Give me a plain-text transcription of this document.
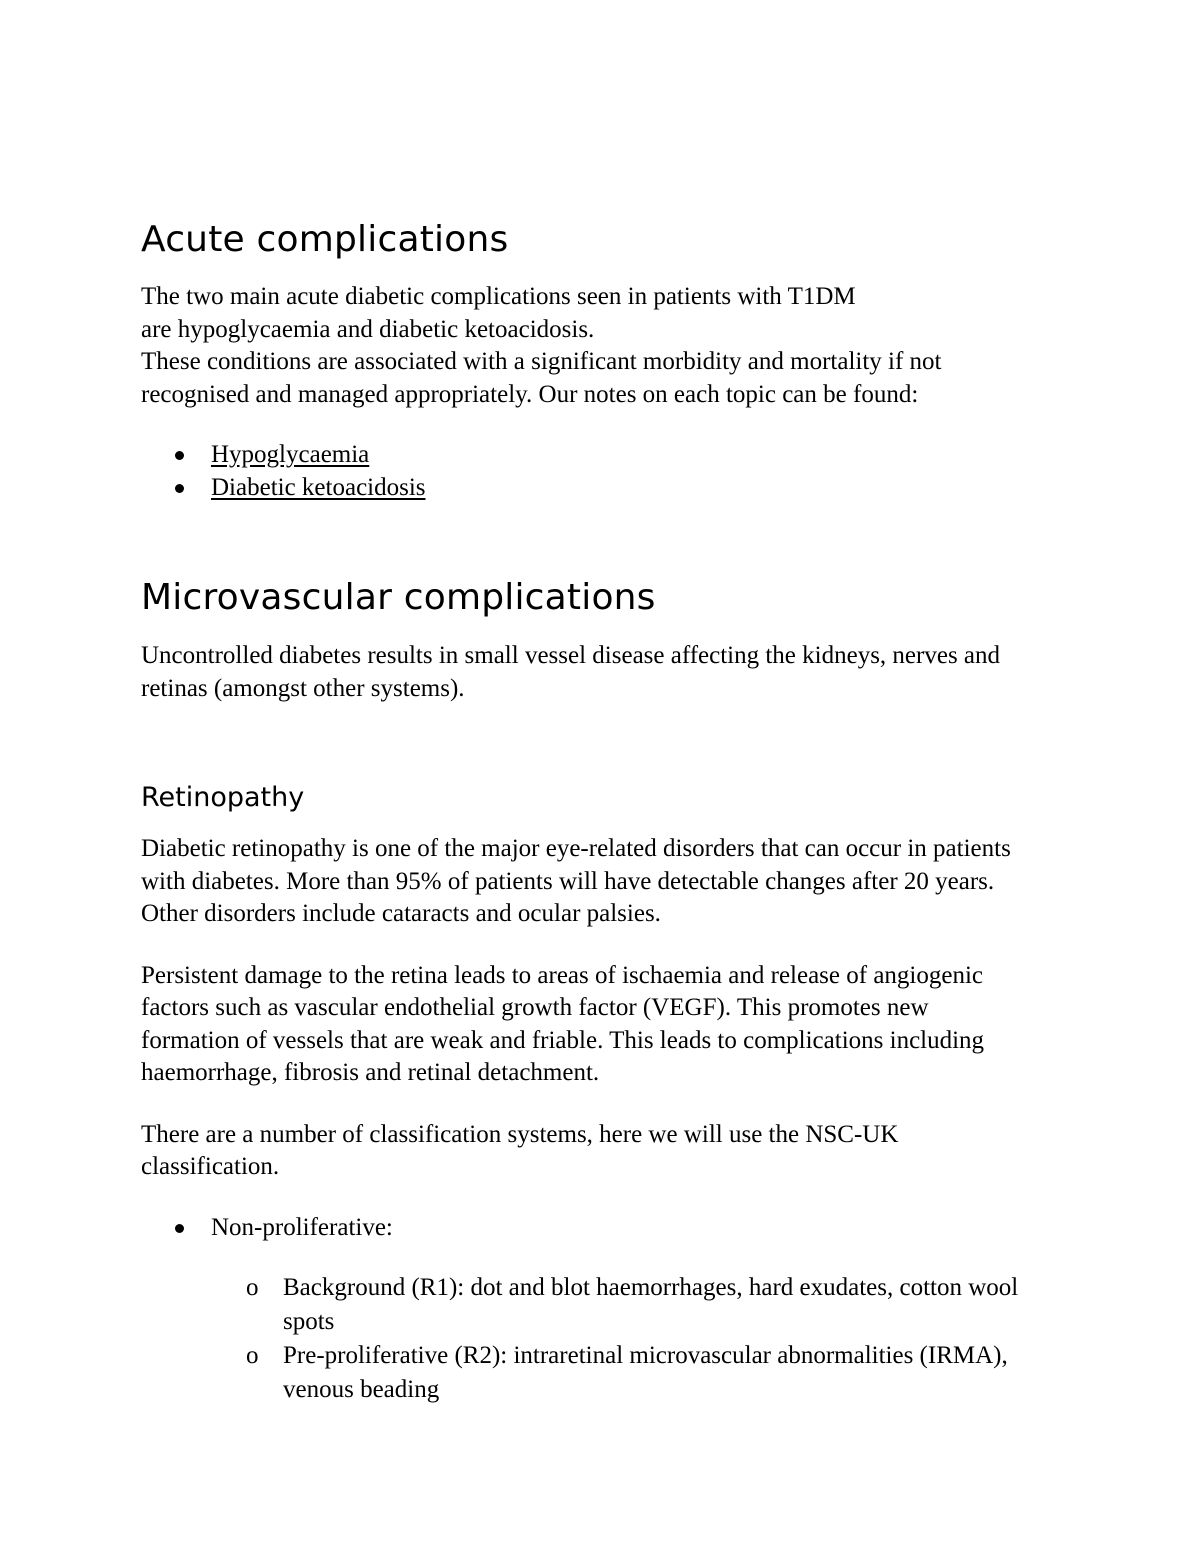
Acute complications

The two main acute diabetic complications seen in patients with T1DM
are hypoglycaemia and diabetic ketoacidosis.

These conditions are associated with a significant morbidity and mortality if not recognised and managed appropriately. Our notes on each topic can be found:

Hypoglycaemia
Diabetic ketoacidosis
Microvascular complications

Uncontrolled diabetes results in small vessel disease affecting the kidneys, nerves and retinas (amongst other systems).

Retinopathy

Diabetic retinopathy is one of the major eye-related disorders that can occur in patients with diabetes. More than 95% of patients will have detectable changes after 20 years. Other disorders include cataracts and ocular palsies.

Persistent damage to the retina leads to areas of ischaemia and release of angiogenic factors such as vascular endothelial growth factor (VEGF). This promotes new formation of vessels that are weak and friable. This leads to complications including haemorrhage, fibrosis and retinal detachment.

There are a number of classification systems, here we will use the NSC-UK classification.

Non-proliferative:
o Background (R1): dot and blot haemorrhages, hard exudates, cotton wool spots
o Pre-proliferative (R2): intraretinal microvascular abnormalities (IRMA), venous beading
